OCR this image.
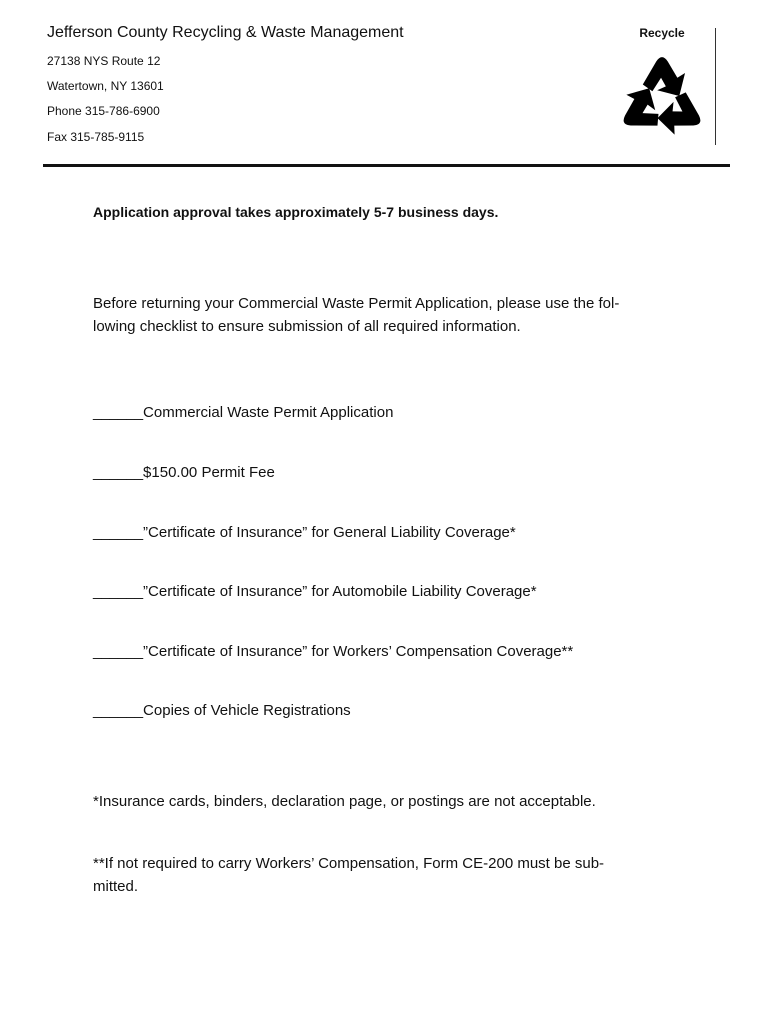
Jefferson County Recycling & Waste Management
27138 NYS Route 12
Watertown, NY 13601
Phone 315-786-6900
Fax 315-785-9115
Recycle
Application approval takes approximately 5-7 business days.
Before returning your Commercial Waste Permit Application, please use the fol-
lowing checklist to ensure submission of all required information.
______Commercial Waste Permit Application
______$150.00 Permit Fee
______”Certificate of Insurance” for General Liability Coverage*
______”Certificate of Insurance” for Automobile Liability Coverage*
______”Certificate of Insurance” for Workers’ Compensation Coverage**
______Copies of Vehicle Registrations
*Insurance cards, binders, declaration page, or postings are not acceptable.
**If not required to carry Workers’ Compensation, Form CE-200 must be sub-
mitted.
